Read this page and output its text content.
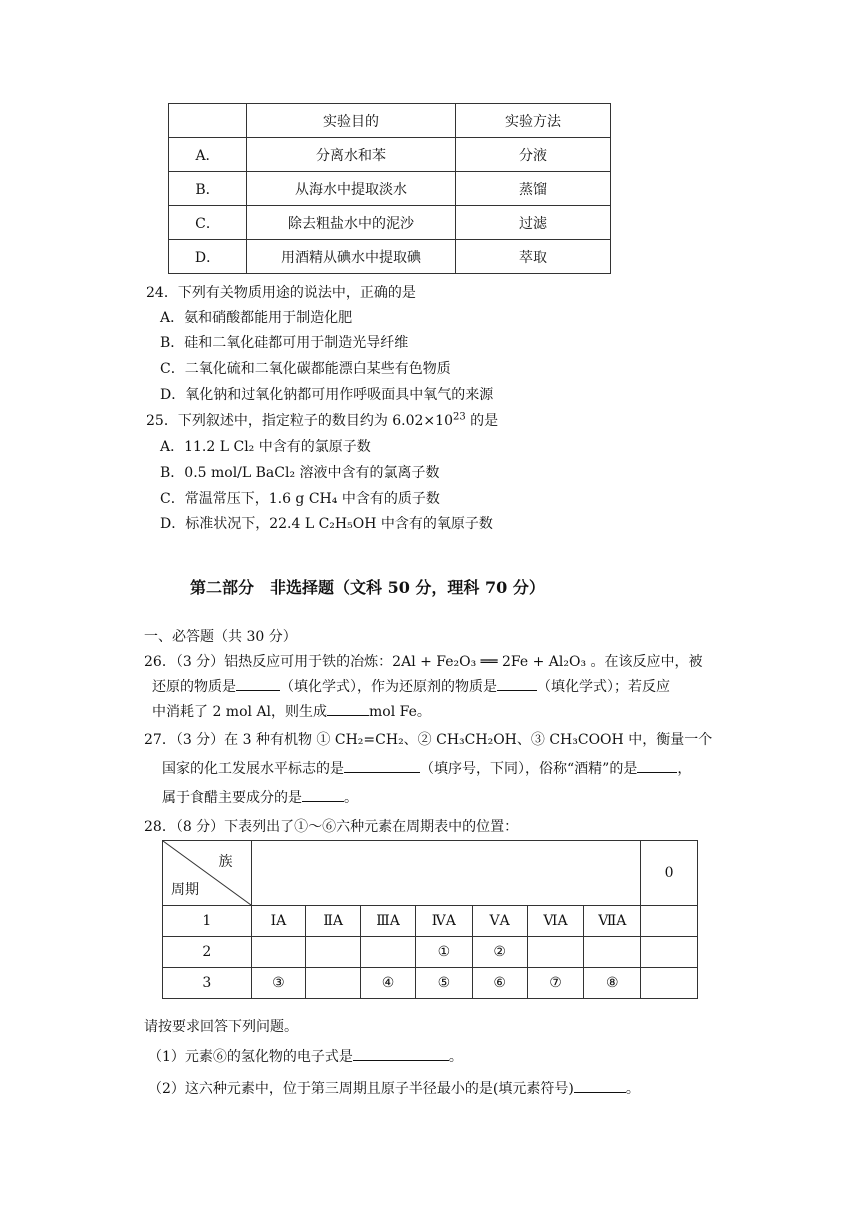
	实验目的	实验方法
A．	分离水和苯	分液
B．	从海水中提取淡水	蒸馏
C．	除去粗盐水中的泥沙	过滤
D．	用酒精从碘水中提取碘	萃取
24．下列有关物质用途的说法中，正确的是
A．氨和硝酸都能用于制造化肥
B．硅和二氧化硅都可用于制造光导纤维
C．二氧化硫和二氧化碳都能漂白某些有色物质
D．氧化钠和过氧化钠都可用作呼吸面具中氧气的来源
25．下列叙述中，指定粒子的数目约为 $6.02\times 10^{23}$ 的是
A．11.2 L Cl₂ 中含有的氯原子数
B．0.5 mol/L BaCl₂ 溶液中含有的氯离子数
C．常温常压下，1.6 g CH₄ 中含有的质子数
D．标准状况下，22.4 L C₂H₅OH 中含有的氧原子数
第二部分　非选择题（文科 50 分，理科 70 分）
一、必答题（共 30 分）
26．（3 分）铝热反应可用于铁的冶炼：2Al + Fe₂O₃ ══ 2Fe + Al₂O₃ 。在该反应中，被
还原的物质是	（填化学式），作为还原剂的物质是	（填化学式）；若反应
中消耗了 2 mol Al，则生成	mol Fe。
27．（3 分）在 3 种有机物 ① CH₂=CH₂、② CH₃CH₂OH、③ CH₃COOH 中，衡量一个
国家的化工发展水平标志的是	（填序号，下同），俗称“酒精”的是	，
属于食醋主要成分的是	。
28．（8 分）下表列出了①～⑥六种元素在周期表中的位置：
族
周期								0
1	ⅠA	ⅡA	ⅢA	ⅣA	ⅤA	ⅥA	ⅦA	
2				①	②			
3	③		④	⑤	⑥	⑦	⑧	
请按要求回答下列问题。
（1）元素⑥的氢化物的电子式是	。
（2）这六种元素中，位于第三周期且原子半径最小的是(填元素符号)	。
